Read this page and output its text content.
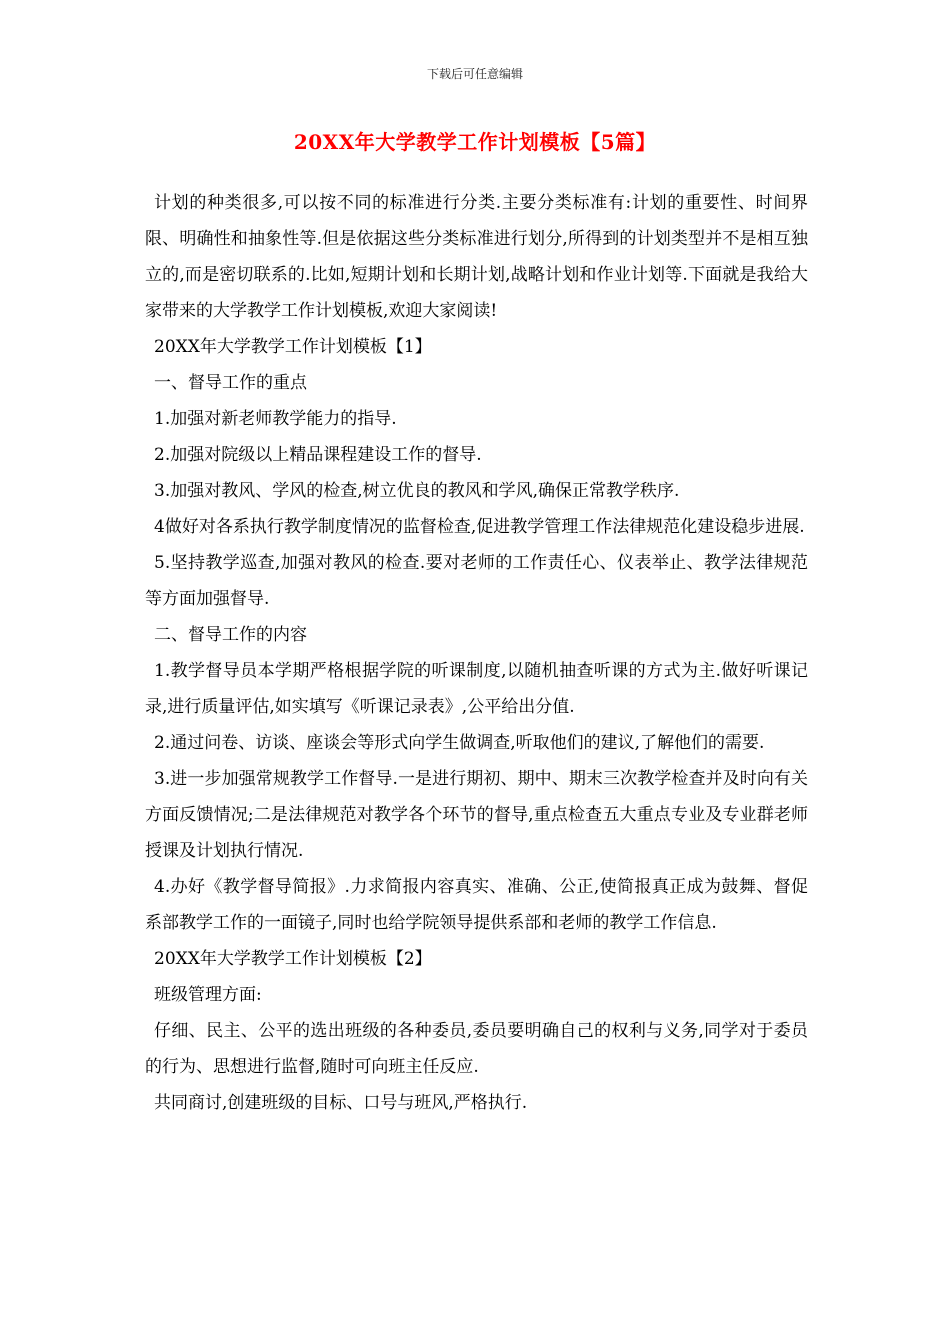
下载后可任意编辑
20XX年大学教学工作计划模板【5篇】

计划的种类很多,可以按不同的标准进行分类.主要分类标准有:计划的重要性、时间界限、明确性和抽象性等.但是依据这些分类标准进行划分,所得到的计划类型并不是相互独立的,而是密切联系的.比如,短期计划和长期计划,战略计划和作业计划等.下面就是我给大家带来的大学教学工作计划模板,欢迎大家阅读!

20XX年大学教学工作计划模板【1】

一、督导工作的重点

1.加强对新老师教学能力的指导.

2.加强对院级以上精品课程建设工作的督导.

3.加强对教风、学风的检查,树立优良的教风和学风,确保正常教学秩序.

4做好对各系执行教学制度情况的监督检查,促进教学管理工作法律规范化建设稳步进展.

5.坚持教学巡查,加强对教风的检查.要对老师的工作责任心、仪表举止、教学法律规范等方面加强督导.

二、督导工作的内容

1.教学督导员本学期严格根据学院的听课制度,以随机抽查听课的方式为主.做好听课记录,进行质量评估,如实填写《听课记录表》,公平给出分值.

2.通过问卷、访谈、座谈会等形式向学生做调查,听取他们的建议,了解他们的需要.

3.进一步加强常规教学工作督导.一是进行期初、期中、期末三次教学检查并及时向有关方面反馈情况;二是法律规范对教学各个环节的督导,重点检查五大重点专业及专业群老师授课及计划执行情况.

4.办好《教学督导简报》.力求简报内容真实、准确、公正,使简报真正成为鼓舞、督促系部教学工作的一面镜子,同时也给学院领导提供系部和老师的教学工作信息.

20XX年大学教学工作计划模板【2】

班级管理方面:

仔细、民主、公平的选出班级的各种委员,委员要明确自己的权利与义务,同学对于委员的行为、思想进行监督,随时可向班主任反应.

共同商讨,创建班级的目标、口号与班风,严格执行.
